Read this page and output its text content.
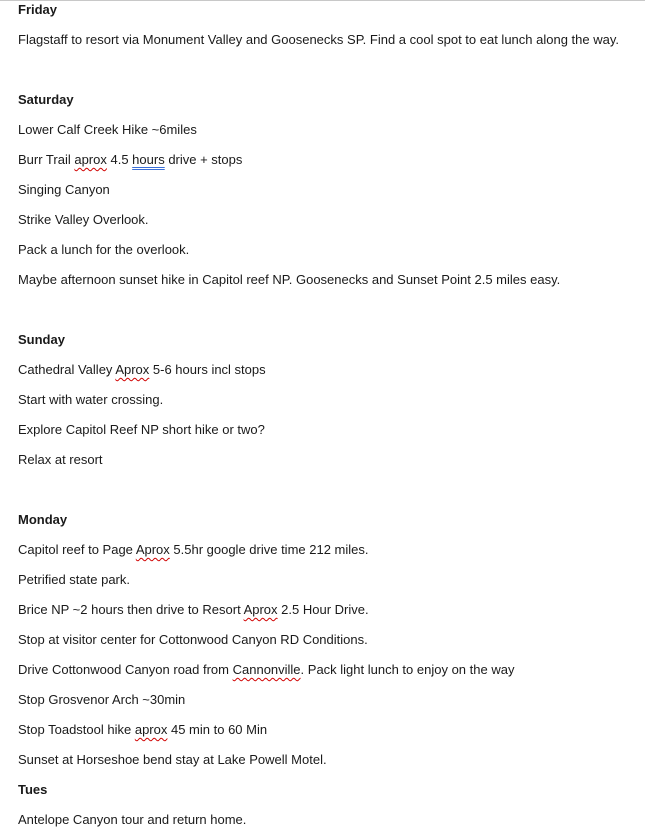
Friday
Flagstaff to resort via Monument Valley and Goosenecks SP. Find a cool spot to eat lunch along the way.
Saturday
Lower Calf Creek Hike ~6miles
Burr Trail aprox 4.5 hours drive + stops
Singing Canyon
Strike Valley Overlook.
Pack a lunch for the overlook.
Maybe afternoon sunset hike in Capitol reef NP. Goosenecks and Sunset Point 2.5 miles easy.
Sunday
Cathedral Valley Aprox 5-6 hours incl stops
Start with water crossing.
Explore Capitol Reef NP short hike or two?
Relax at resort
Monday
Capitol reef to Page Aprox 5.5hr google drive time 212 miles.
Petrified state park.
Brice NP ~2 hours then drive to Resort Aprox 2.5 Hour Drive.
Stop at visitor center for Cottonwood Canyon RD Conditions.
Drive Cottonwood Canyon road from Cannonville. Pack light lunch to enjoy on the way
Stop Grosvenor Arch ~30min
Stop Toadstool hike aprox 45 min to 60 Min
Sunset at Horseshoe bend stay at Lake Powell Motel.
Tues
Antelope Canyon tour and return home.
